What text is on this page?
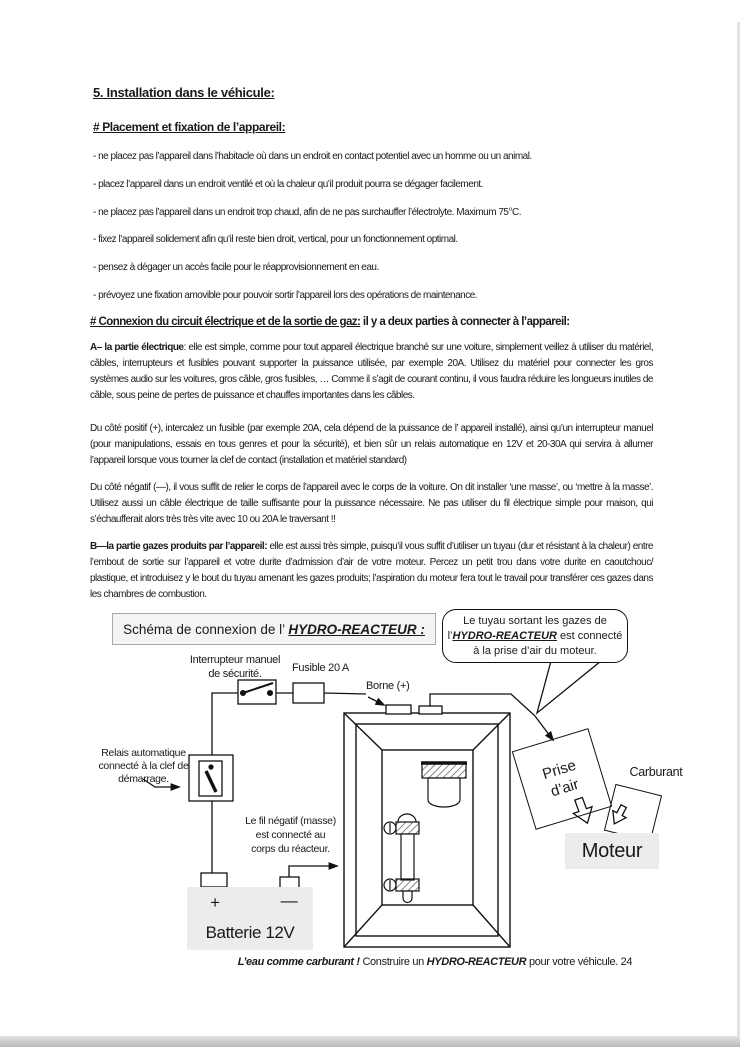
5. Installation dans le véhicule:
# Placement et fixation de l’appareil:
- ne placez pas l’appareil dans l’habitacle où dans un endroit en contact potentiel avec un homme ou un animal.
- placez l’appareil dans un endroit ventilé et où la chaleur qu’il produit pourra se dégager facilement.
- ne placez pas l’appareil dans un endroit trop chaud, afin de ne pas surchauffer l’électrolyte. Maximum 75°C.
- fixez l’appareil solidement afin qu’il reste bien droit, vertical, pour un fonctionnement optimal.
- pensez à dégager un accès facile pour le réapprovisionnement en eau.
- prévoyez une fixation amovible pour pouvoir sortir l’appareil lors des opérations de maintenance.
# Connexion du circuit électrique et de la sortie de gaz: il y a deux parties à connecter à l’appareil:
A– la partie électrique: elle est simple, comme pour tout appareil électrique branché sur une voiture, simplement veillez à utiliser du matériel, câbles, interrupteurs et fusibles pouvant supporter la puissance utilisée, par exemple 20A. Utilisez du matériel pour connecter les gros systèmes audio sur les voitures, gros câble, gros fusibles, … Comme il s’agit de courant continu, il vous faudra réduire les longueurs inutiles de câble, sous peine de pertes de puissance et chauffes importantes dans les câbles.
Du côté positif (+), intercalez un fusible (par exemple 20A, cela dépend de la puissance de l’ appareil installé), ainsi qu’un interrupteur manuel (pour manipulations, essais en tous genres et pour la sécurité), et bien sûr un relais automatique en 12V et 20-30A qui servira à allumer l’appareil lorsque vous tourner la clef de contact (installation et matériel standard)
Du côté négatif (—), il vous suffit de relier le corps de l’appareil avec le corps de la voiture. On dit installer ‘une masse’, ou ‘mettre à la masse’. Utilisez aussi un câble électrique de taille suffisante pour la puissance nécessaire. Ne pas utiliser du fil électrique simple pour maison, qui s’échaufferait alors très très vite avec 10 ou 20A le traversant !!
B—la partie gazes produits par l’appareil: elle est aussi très simple, puisqu’il vous suffit d’utiliser un tuyau (dur et résistant à la chaleur) entre l’embout de sortie sur l’appareil et votre durite d’admission d’air de votre moteur. Percez un petit trou dans votre durite en caoutchouc/ plastique, et introduisez y le bout du tuyau amenant les gazes produits; l’aspiration du moteur fera tout le travail pour transférer ces gazes dans les chambres de combustion.
Schéma de connexion de l’ HYDRO-REACTEUR :
Le tuyau sortant les gazes de
l’HYDRO-REACTEUR est connecté
à la prise d’air du moteur.
Interrupteur manuel
de sécurité.	Fusible 20 A
Borne (+)
Relais automatique
connecté à la clef de
démarrage.
Le fil négatif (masse)
est connecté au
corps du réacteur.
+	—
Batterie 12V
Prise
d’air
Carburant
Moteur
L’eau comme carburant ! Construire un HYDRO-REACTEUR pour votre véhicule. 24
